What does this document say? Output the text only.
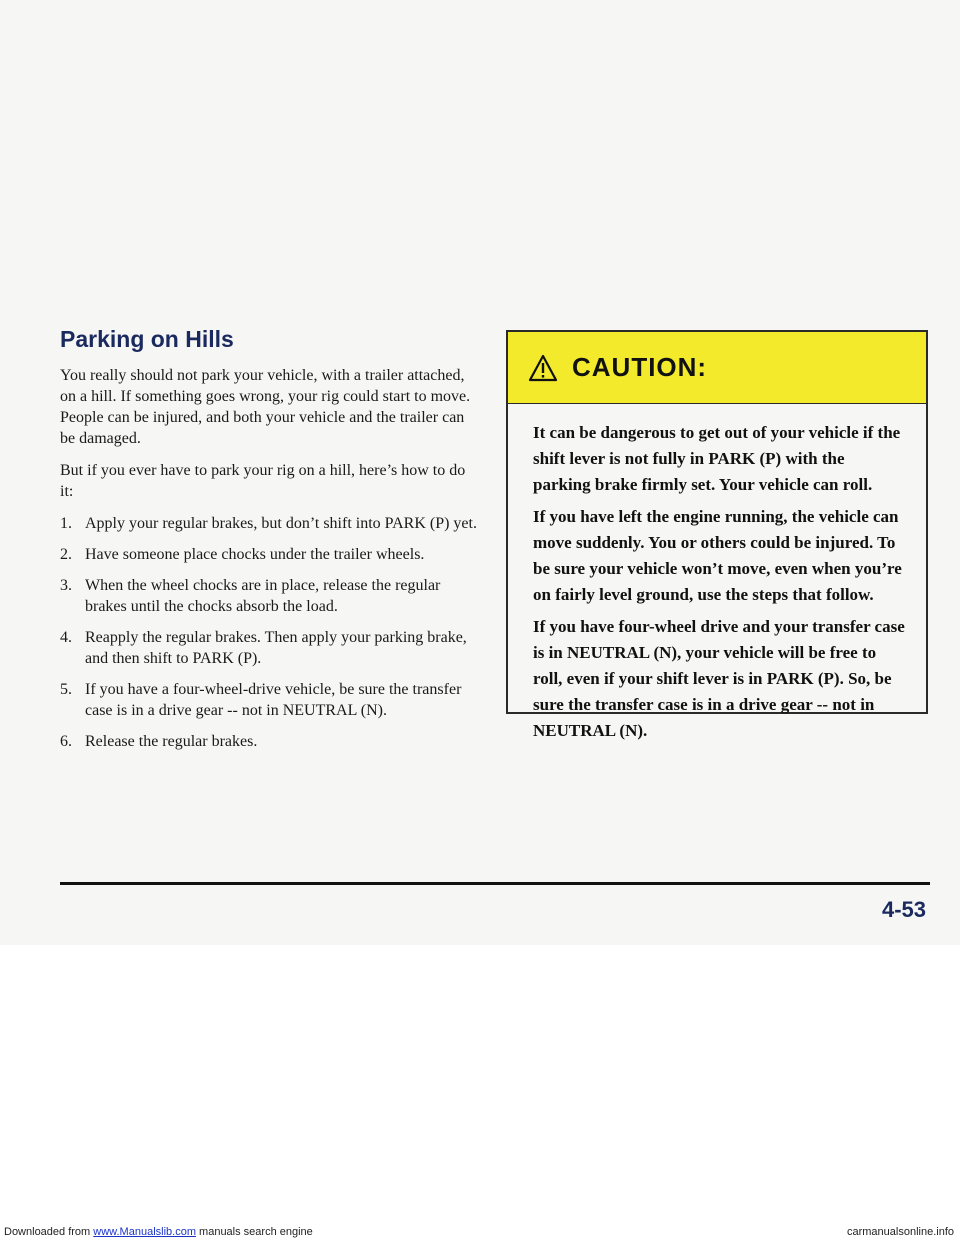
Parking on Hills

You really should not park your vehicle, with a trailer attached, on a hill. If something goes wrong, your rig could start to move. People can be injured, and both your vehicle and the trailer can be damaged.

But if you ever have to park your rig on a hill, here’s how to do it:

1. Apply your regular brakes, but don’t shift into PARK (P) yet.
2. Have someone place chocks under the trailer wheels.
3. When the wheel chocks are in place, release the regular brakes until the chocks absorb the load.
4. Reapply the regular brakes. Then apply your parking brake, and then shift to PARK (P).
5. If you have a four-wheel-drive vehicle, be sure the transfer case is in a drive gear -- not in NEUTRAL (N).
6. Release the regular brakes.
CAUTION:

It can be dangerous to get out of your vehicle if the shift lever is not fully in PARK (P) with the parking brake firmly set. Your vehicle can roll.

If you have left the engine running, the vehicle can move suddenly. You or others could be injured. To be sure your vehicle won’t move, even when you’re on fairly level ground, use the steps that follow.

If you have four-wheel drive and your transfer case is in NEUTRAL (N), your vehicle will be free to roll, even if your shift lever is in PARK (P). So, be sure the transfer case is in a drive gear -- not in NEUTRAL (N).

4-53
Downloaded from www.Manualslib.com manuals search engine	carmanualsonline.info
